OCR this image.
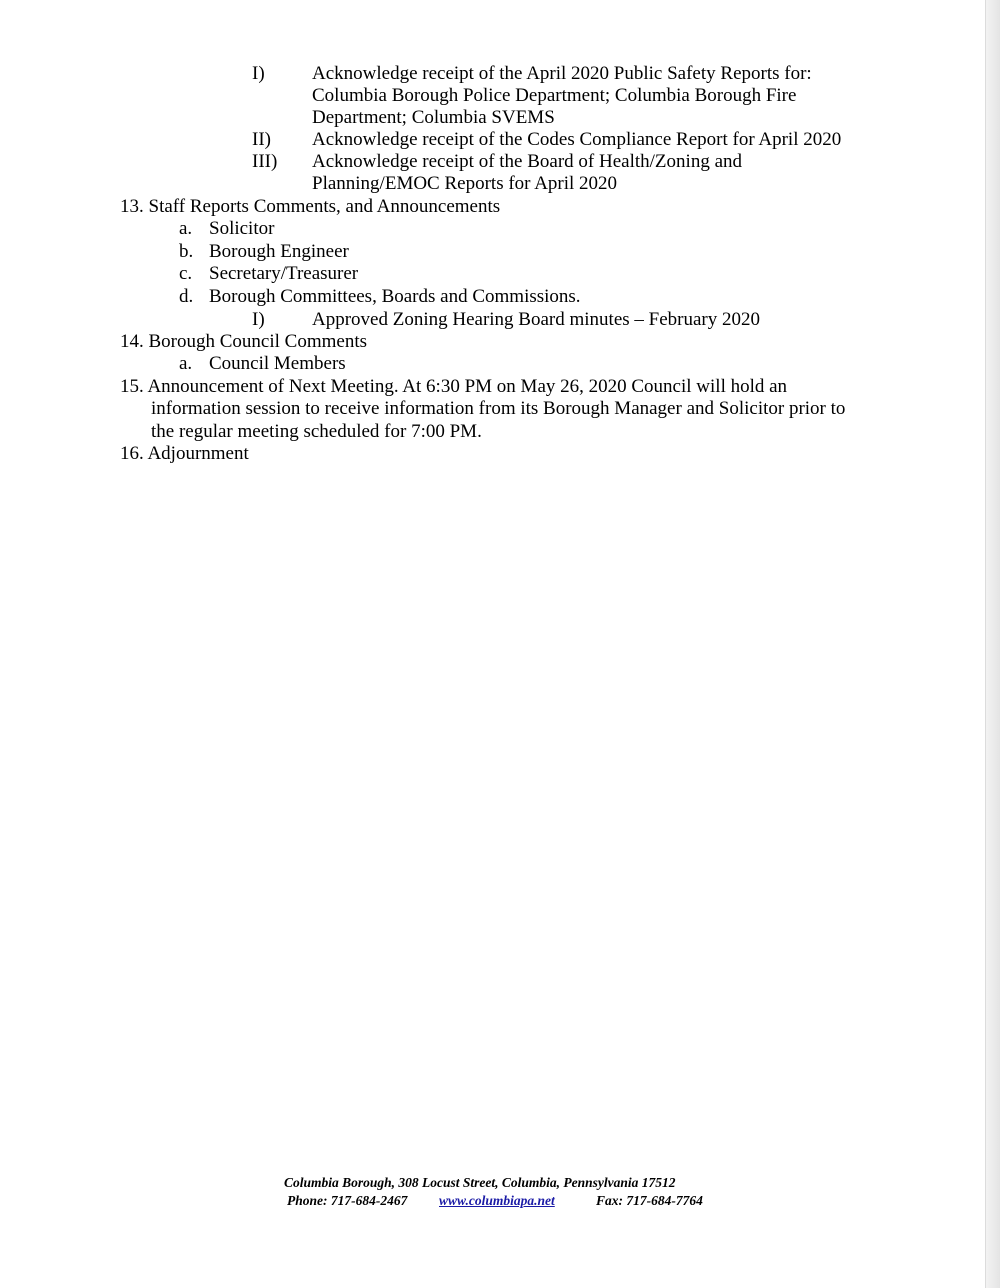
I) Acknowledge receipt of the April 2020 Public Safety Reports for:
Columbia Borough Police Department; Columbia Borough Fire
Department; Columbia SVEMS
II) Acknowledge receipt of the Codes Compliance Report for April 2020
III) Acknowledge receipt of the Board of Health/Zoning and
Planning/EMOC Reports for April 2020
13. Staff Reports Comments, and Announcements
a. Solicitor
b. Borough Engineer
c. Secretary/Treasurer
d. Borough Committees, Boards and Commissions.
I) Approved Zoning Hearing Board minutes – February 2020
14. Borough Council Comments
a. Council Members
15. Announcement of Next Meeting. At 6:30 PM on May 26, 2020 Council will hold an
information session to receive information from its Borough Manager and Solicitor prior to
the regular meeting scheduled for 7:00 PM.
16. Adjournment
Columbia Borough, 308 Locust Street, Columbia, Pennsylvania 17512
Phone: 717-684-2467 www.columbiapa.net	Fax: 717-684-7764
